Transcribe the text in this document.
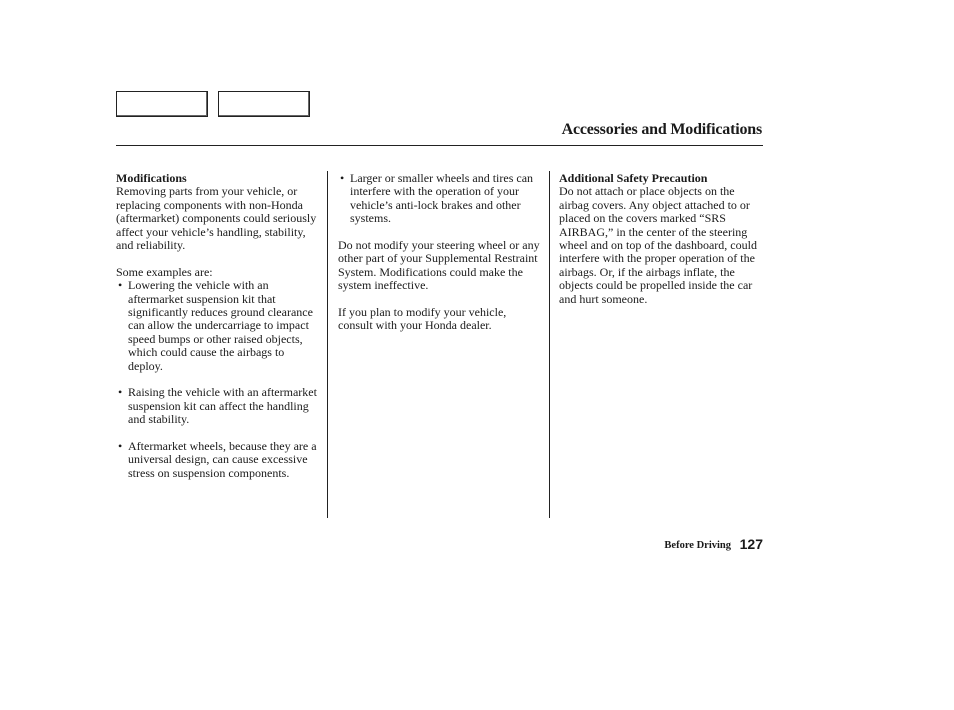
Accessories and Modifications
Modifications

Removing parts from your vehicle, or replacing components with non-Honda (aftermarket) components could seriously affect your vehicle’s handling, stability, and reliability.

Some examples are:

• Lowering the vehicle with an aftermarket suspension kit that significantly reduces ground clearance can allow the undercarriage to impact speed bumps or other raised objects, which could cause the airbags to deploy.
• Raising the vehicle with an aftermarket suspension kit can affect the handling and stability.
• Aftermarket wheels, because they are a universal design, can cause excessive stress on suspension components.
• Larger or smaller wheels and tires can interfere with the operation of your vehicle’s anti-lock brakes and other systems.

Do not modify your steering wheel or any other part of your Supplemental Restraint System. Modifications could make the system ineffective.

If you plan to modify your vehicle, consult with your Honda dealer.

Additional Safety Precaution

Do not attach or place objects on the airbag covers. Any object attached to or placed on the covers marked “SRS AIRBAG,” in the center of the steering wheel and on top of the dashboard, could interfere with the proper operation of the airbags. Or, if the airbags inflate, the objects could be propelled inside the car and hurt someone.

Before Driving 127
